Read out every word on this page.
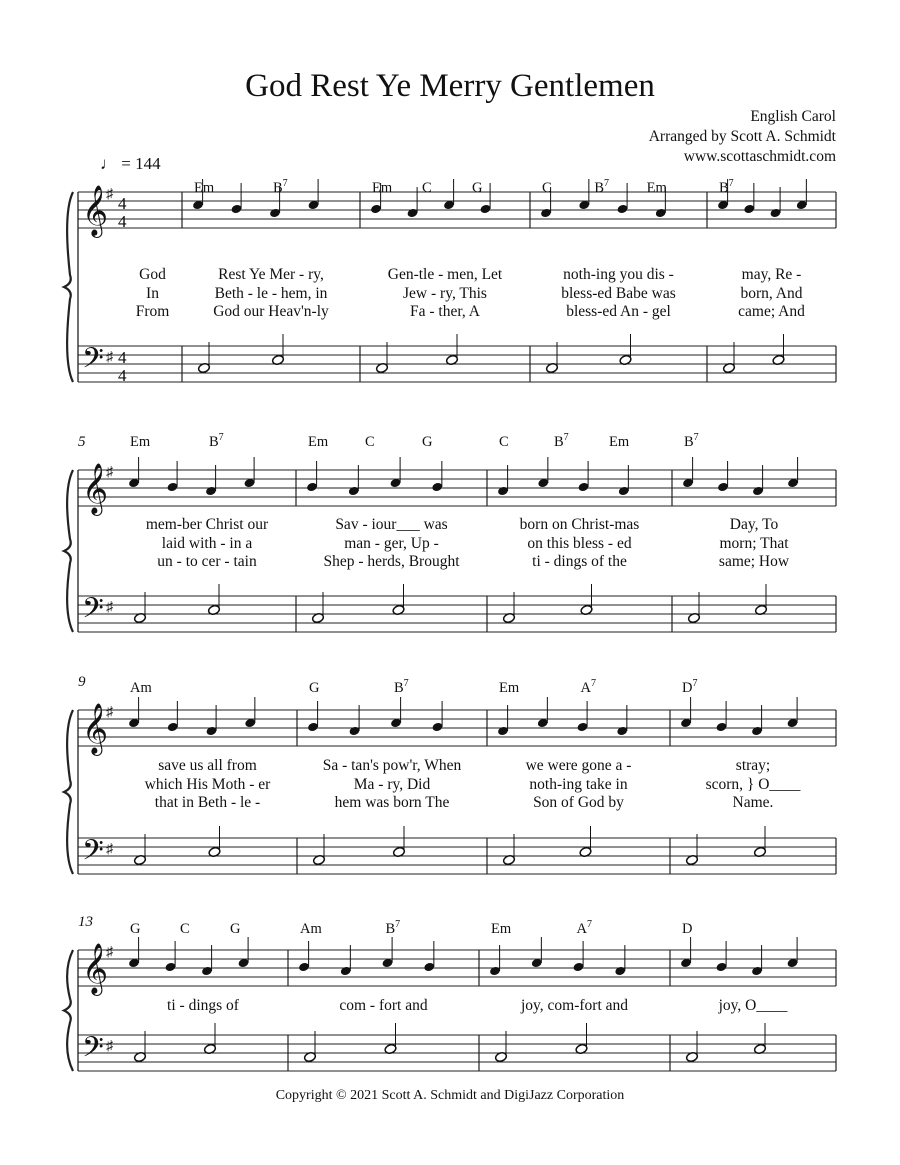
God Rest Ye Merry Gentlemen
English Carol
Arranged by Scott A. Schmidt
www.scottaschmidt.com
♩ = 144
Copyright © 2021 Scott A. Schmidt and DigiJazz Corporation
𝄞
𝄢
♯
♯
4
4
4
4
Em	$B^7$	Em C	G	C	$B^7$	Em	$B^7$
God	Rest Ye Mer - ry,	Gen-tle - men, Let	noth-ing you dis -	may, Re -
In	Beth - le - hem, in	Jew - ry, This	bless-ed Babe was	born, And
From	God our Heav'n-ly	Fa - ther, A	bless-ed An - gel	came; And
𝄞
𝄢
♯
♯
5	Em	$B^7$	Em	C	G	C	$B^7$	Em	$B^7$
mem-ber Christ our	Sav - iour___ was	born on Christ-mas	Day, To
laid with - in a	man - ger, Up -	on this bless - ed	morn; That
un - to cer - tain	Shep - herds, Brought	ti - dings of the	same; How
𝄞
𝄢
♯
♯
9	Am	G	$B^7$	Em	$A^7$	$D^7$
save us all from	Sa - tan's pow'r, When	we were gone a -	stray;
which His Moth - er	Ma - ry, Did	noth-ing take in	scorn, } O____
that in Beth - le -	hem was born The	Son of God by	Name.
𝄞
𝄢
♯
♯
13	G	C	G	Am	$B^7$	Em	$A^7$	D
ti - dings of	com - fort and	joy, com-fort and	joy, O____
